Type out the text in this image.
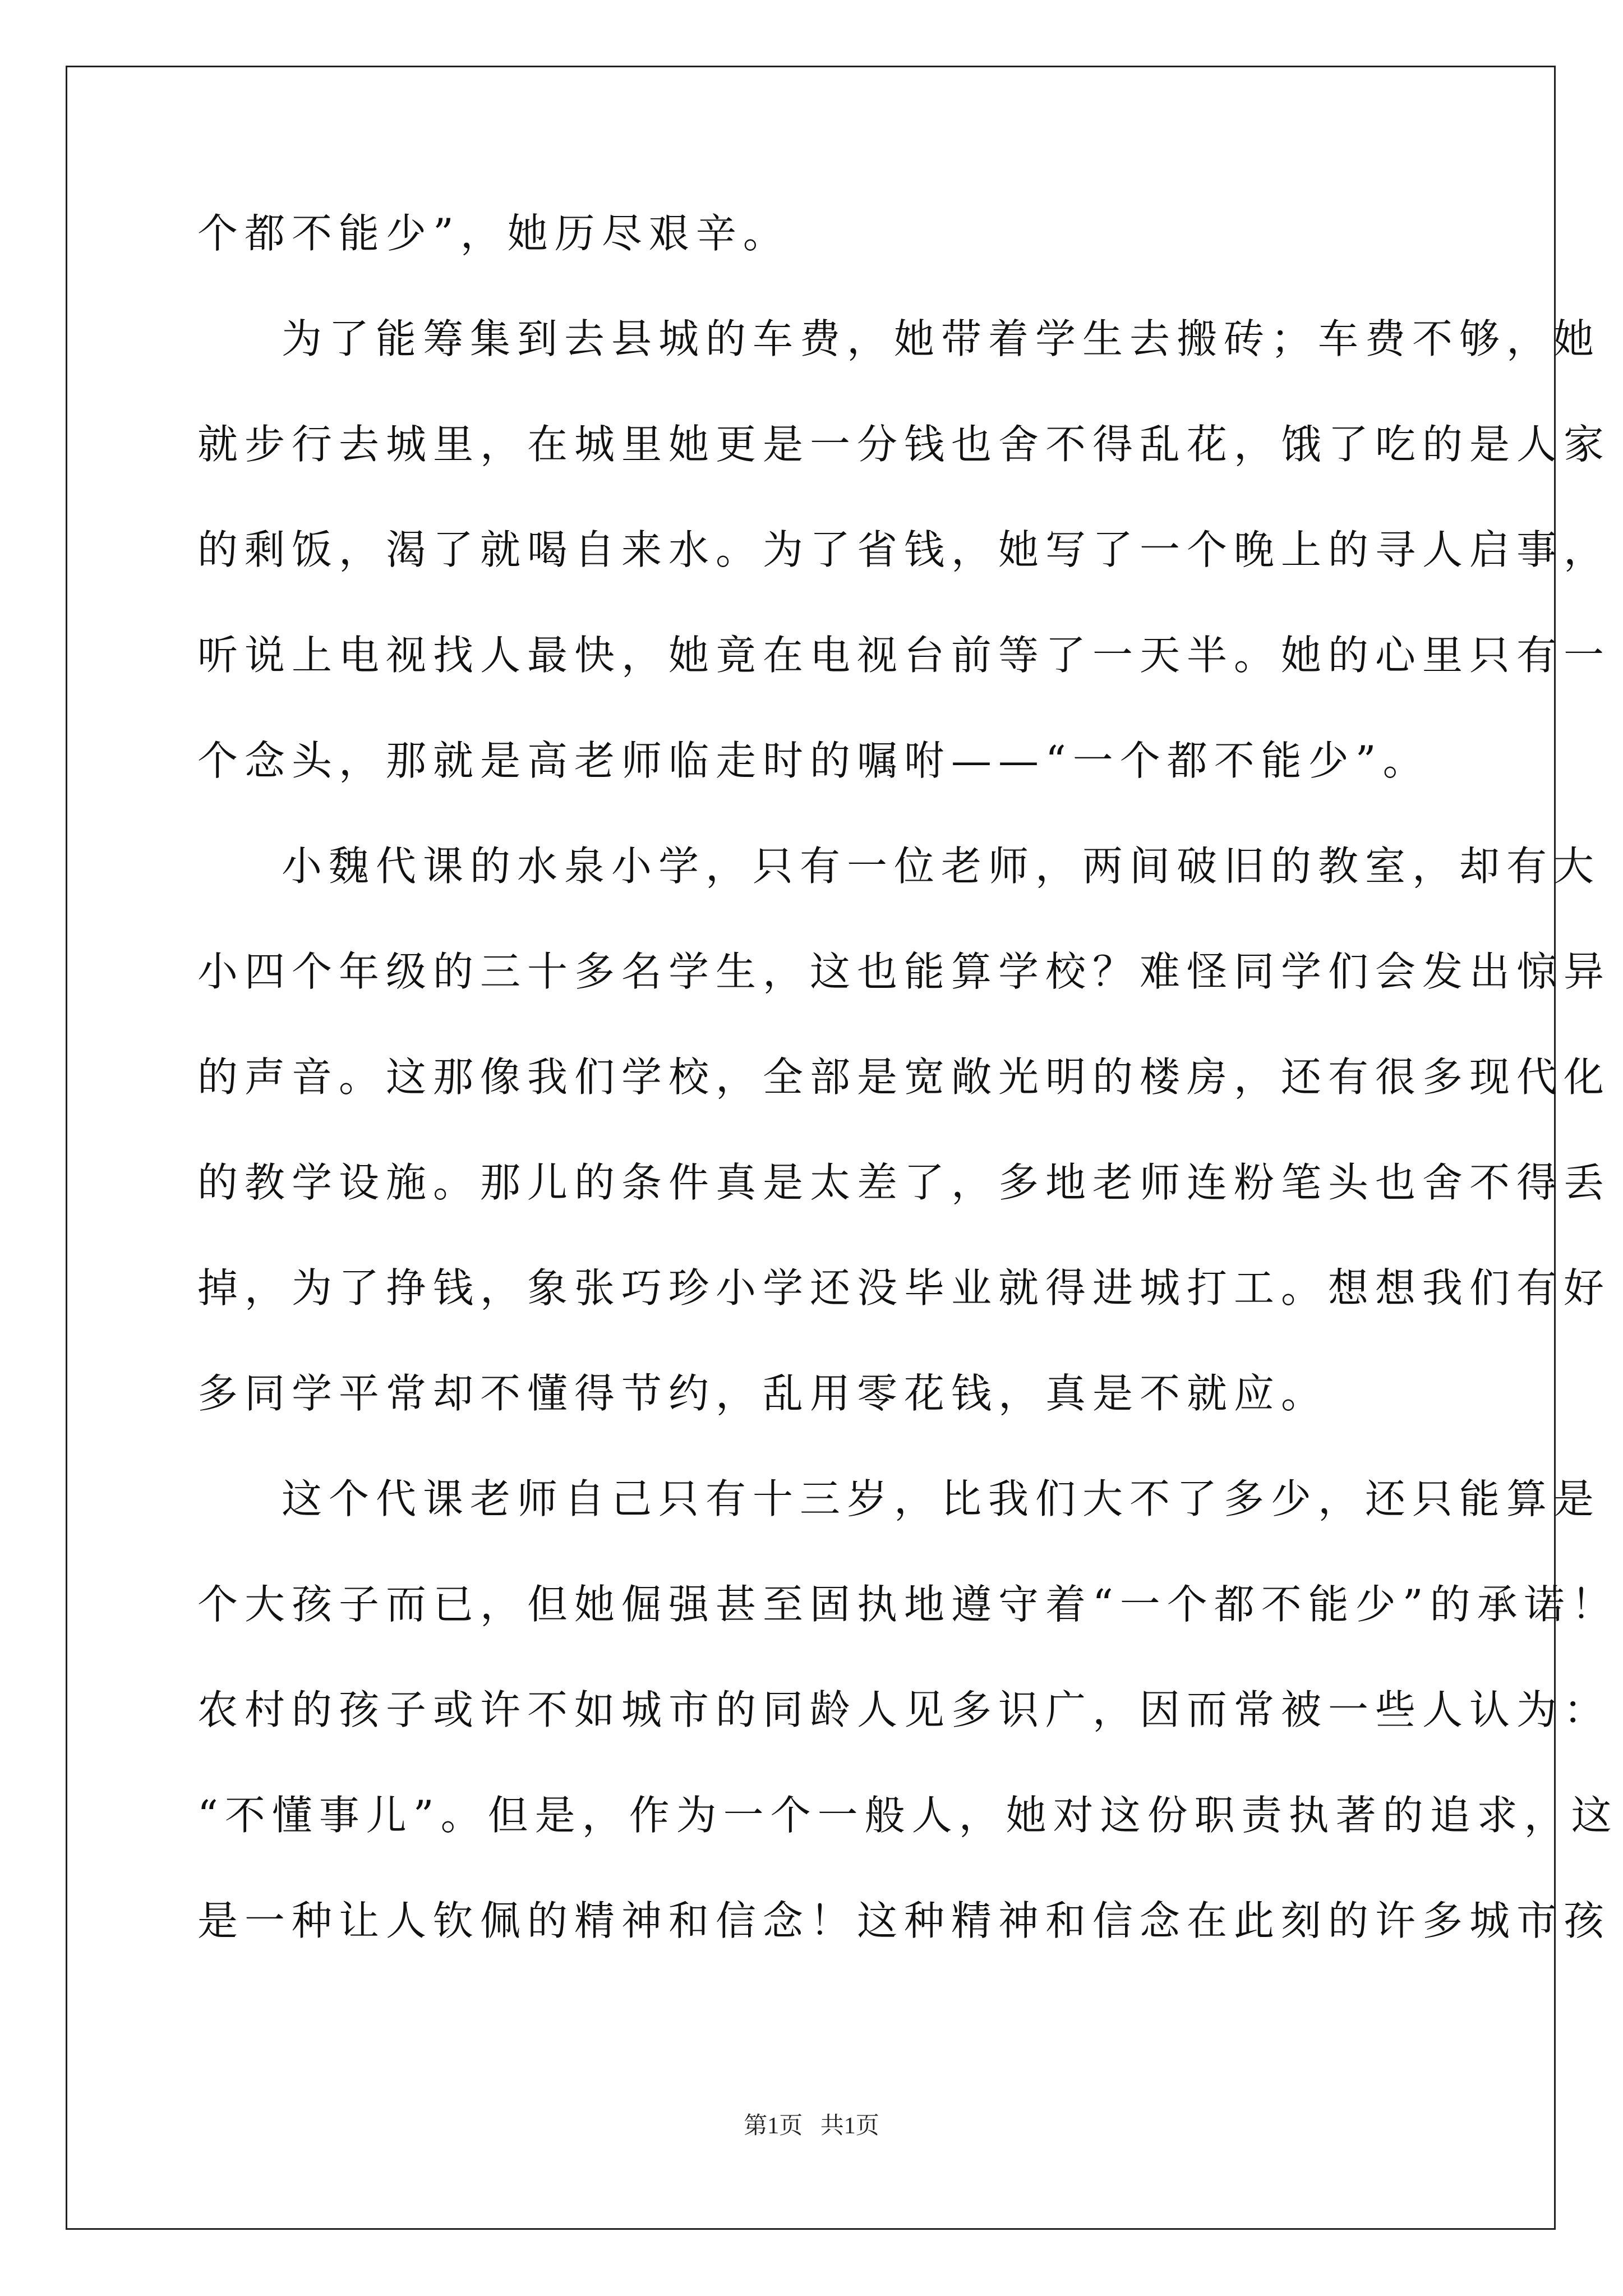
个都不能少”，她历尽艰辛。
为了能筹集到去县城的车费，她带着学生去搬砖；车费不够，她
就步行去城里，在城里她更是一分钱也舍不得乱花，饿了吃的是人家
的剩饭，渴了就喝自来水。为了省钱，她写了一个晚上的寻人启事，
听说上电视找人最快，她竟在电视台前等了一天半。她的心里只有一
个念头，那就是高老师临走时的嘱咐——“一个都不能少”。
小魏代课的水泉小学，只有一位老师，两间破旧的教室，却有大
小四个年级的三十多名学生，这也能算学校？难怪同学们会发出惊异
的声音。这那像我们学校，全部是宽敞光明的楼房，还有很多现代化
的教学设施。那儿的条件真是太差了，多地老师连粉笔头也舍不得丢
掉，为了挣钱，象张巧珍小学还没毕业就得进城打工。想想我们有好
多同学平常却不懂得节约，乱用零花钱，真是不就应。
这个代课老师自己只有十三岁，比我们大不了多少，还只能算是
个大孩子而已，但她倔强甚至固执地遵守着“一个都不能少”的承诺！
农村的孩子或许不如城市的同龄人见多识广，因而常被一些人认为：
“不懂事儿”。但是，作为一个一般人，她对这份职责执著的追求，这
是一种让人钦佩的精神和信念！这种精神和信念在此刻的许多城市孩
第1页   共1页
